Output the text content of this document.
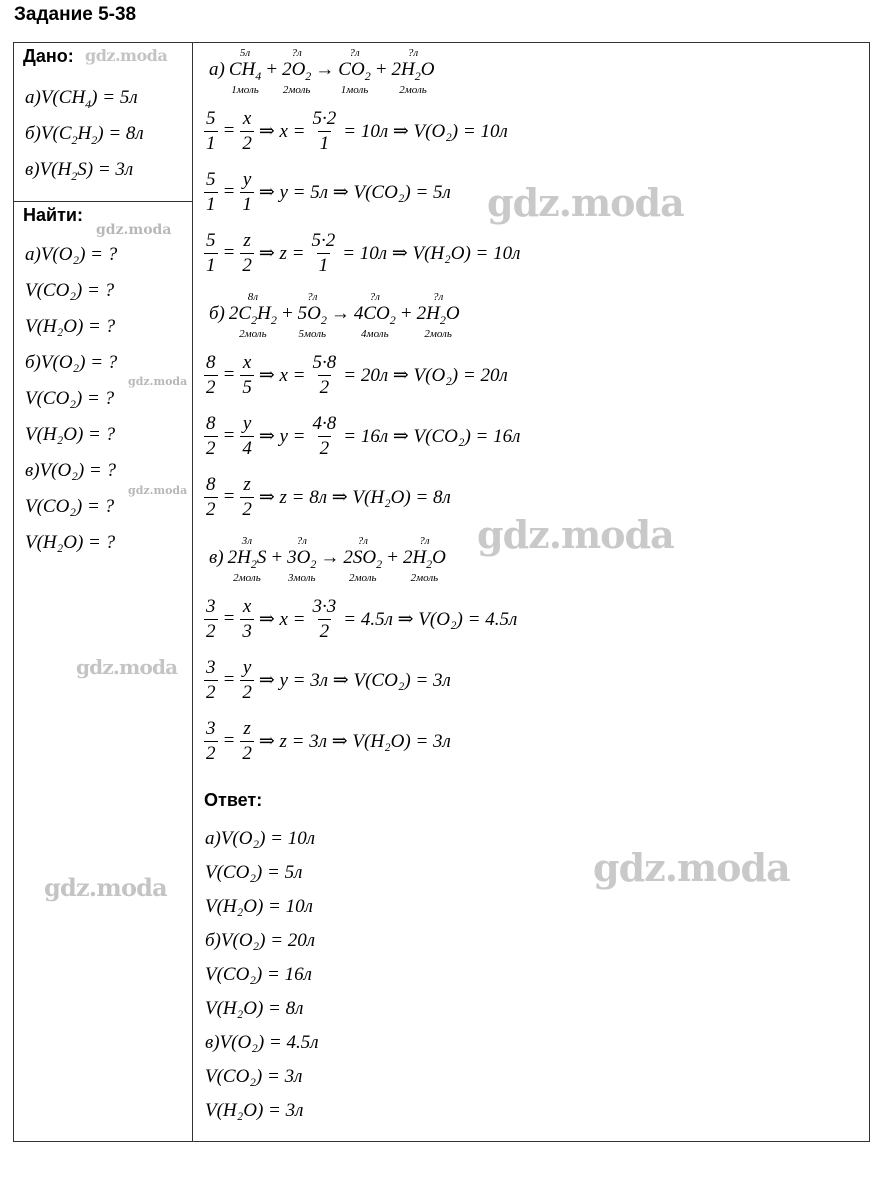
Задание 5-38
Дано:
$а)V(CH_4) = 5л$
$б)V(C_2H_2) = 8л$
$в)V(H_2S) = 3л$
Найти:
а)V(O₂) = ?
V(CO₂) = ?
V(H₂O) = ?
б)V(O₂) = ?
V(CO₂) = ?
V(H₂O) = ?
в)V(O₂) = ?
V(CO₂) = ?
V(H₂O) = ?
а)
5л
$CH_4$
1моль
+
?л
$2O_2$
2моль
→
?л
$CO_2$
1моль
+
?л
$2H_2O$
2моль
$\frac{5}{1} = \frac{x}{2}$ ⇒ $x = \frac{5\cdot 2}{1} = 10л$ ⇒ V(O₂) = 10л
$\frac{5}{1} = \frac{y}{1}$ ⇒ y = 5л ⇒ V(CO₂) = 5л
$\frac{5}{1} = \frac{z}{2}$ ⇒ $z = \frac{5\cdot 2}{1} = 10л$ ⇒ V(H₂O) = 10л
б)
8л
$2C_2H_2$
2моль
+
?л
$5O_2$
5моль
→
?л
$4CO_2$
4моль
+
?л
$2H_2O$
2моль
$\frac{8}{2} = \frac{x}{5}$ ⇒ $x = \frac{5\cdot 8}{2} = 20л$ ⇒ V(O₂) = 20л
$\frac{8}{2} = \frac{y}{4}$ ⇒ $y = \frac{4\cdot 8}{2} = 16л$ ⇒ V(CO₂) = 16л
$\frac{8}{2} = \frac{z}{2}$ ⇒ z = 8л ⇒ V(H₂O) = 8л
в)
3л
$2H_2S$
2моль
+
?л
$3O_2$
3моль
→
?л
$2SO_2$
2моль
+
?л
$2H_2O$
2моль
$\frac{3}{2} = \frac{x}{3}$ ⇒ $x = \frac{3\cdot 3}{2} = 4.5л$ ⇒ V(O₂) = 4.5л
$\frac{3}{2} = \frac{y}{2}$ ⇒ y = 3л ⇒ V(CO₂) = 3л
$\frac{3}{2} = \frac{z}{2}$ ⇒ z = 3л ⇒ V(H₂O) = 3л
Ответ:
а)V(O₂) = 10л
V(CO₂) = 5л
V(H₂O) = 10л
б)V(O₂) = 20л
V(CO₂) = 16л
V(H₂O) = 8л
в)V(O₂) = 4.5л
V(CO₂) = 3л
V(H₂O) = 3л
gdz.moda
gdz.moda
gdz.moda
gdz.moda
gdz.moda
gdz.moda
gdz.moda
gdz.moda
gdz.moda
